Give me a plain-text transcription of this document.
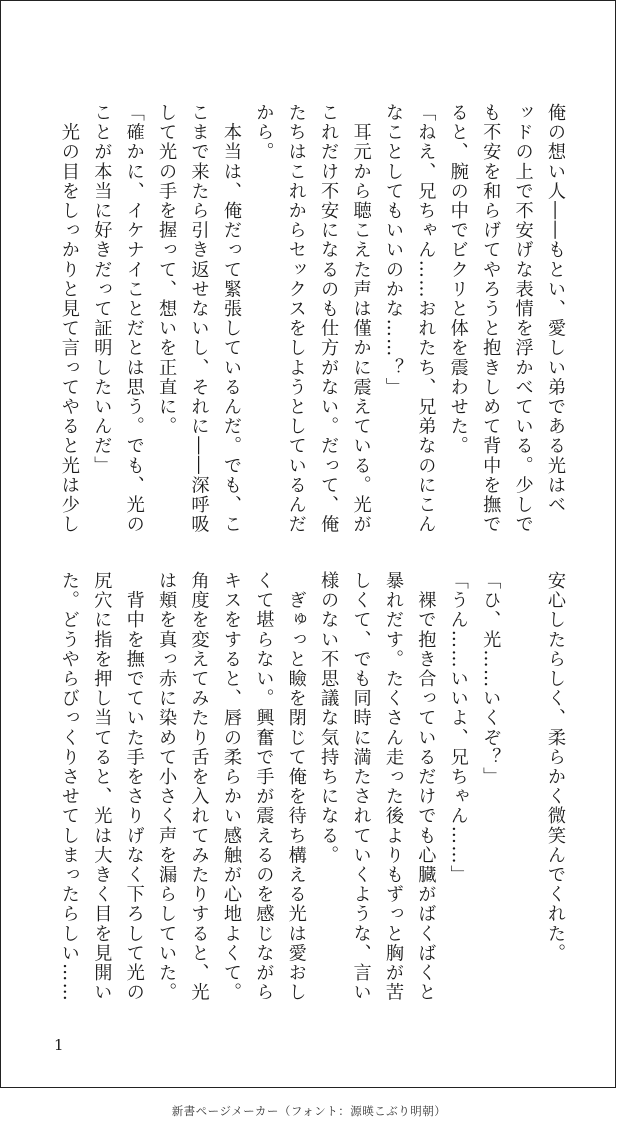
俺の想い人――もとい、愛しい弟である光はベ
ッドの上で不安げな表情を浮かべている。少しで
も不安を和らげてやろうと抱きしめて背中を撫で
ると、腕の中でビクリと体を震わせた。
「ねえ、兄ちゃん……おれたち、兄弟なのにこん
なことしてもいいのかな……？」
　耳元から聴こえた声は僅かに震えている。光が
これだけ不安になるのも仕方がない。だって、俺
たちはこれからセックスをしようとしているんだ
から。
　本当は、俺だって緊張しているんだ。でも、こ
こまで来たら引き返せないし、それに――深呼吸
して光の手を握って、想いを正直に。
「確かに、イケナイことだとは思う。でも、光の
ことが本当に好きだって証明したいんだ」
　光の目をしっかりと見て言ってやると光は少し
安心したらしく、柔らかく微笑んでくれた。

「ひ、光……いくぞ？」
「うん……いいよ、兄ちゃん……」
　裸で抱き合っているだけでも心臓がばくばくと
暴れだす。たくさん走った後よりもずっと胸が苦
しくて、でも同時に満たされていくような、言い
様のない不思議な気持ちになる。
　ぎゅっと瞼を閉じて俺を待ち構える光は愛おし
くて堪らない。興奮で手が震えるのを感じながら
キスをすると、唇の柔らかい感触が心地よくて。
角度を変えてみたり舌を入れてみたりすると、光
は頬を真っ赤に染めて小さく声を漏らしていた。
　背中を撫でていた手をさりげなく下ろして光の
尻穴に指を押し当てると、光は大きく目を見開い
た。どうやらびっくりさせてしまったらしい……
1
新書ページメーカー（フォント：源暎こぶり明朝）
